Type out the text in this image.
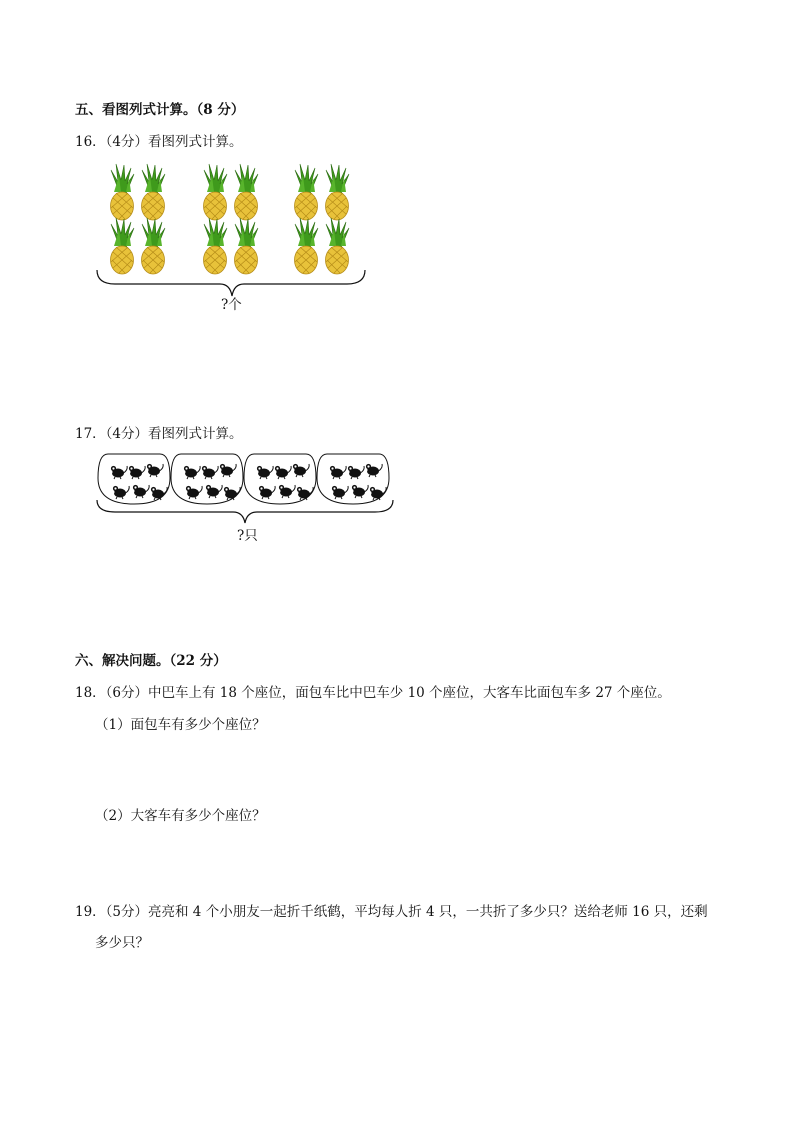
五、看图列式计算。（8 分）
16．（4分）看图列式计算。
?个
17．（4分）看图列式计算。
?只
六、解决问题。（22 分）
18．（6分）中巴车上有 18 个座位，面包车比中巴车少 10 个座位，大客车比面包车多 27 个座位。
（1）面包车有多少个座位？
（2）大客车有多少个座位？
19．（5分）亮亮和 4 个小朋友一起折千纸鹤，平均每人折 4 只，一共折了多少只？送给老师 16 只，还剩
多少只？
